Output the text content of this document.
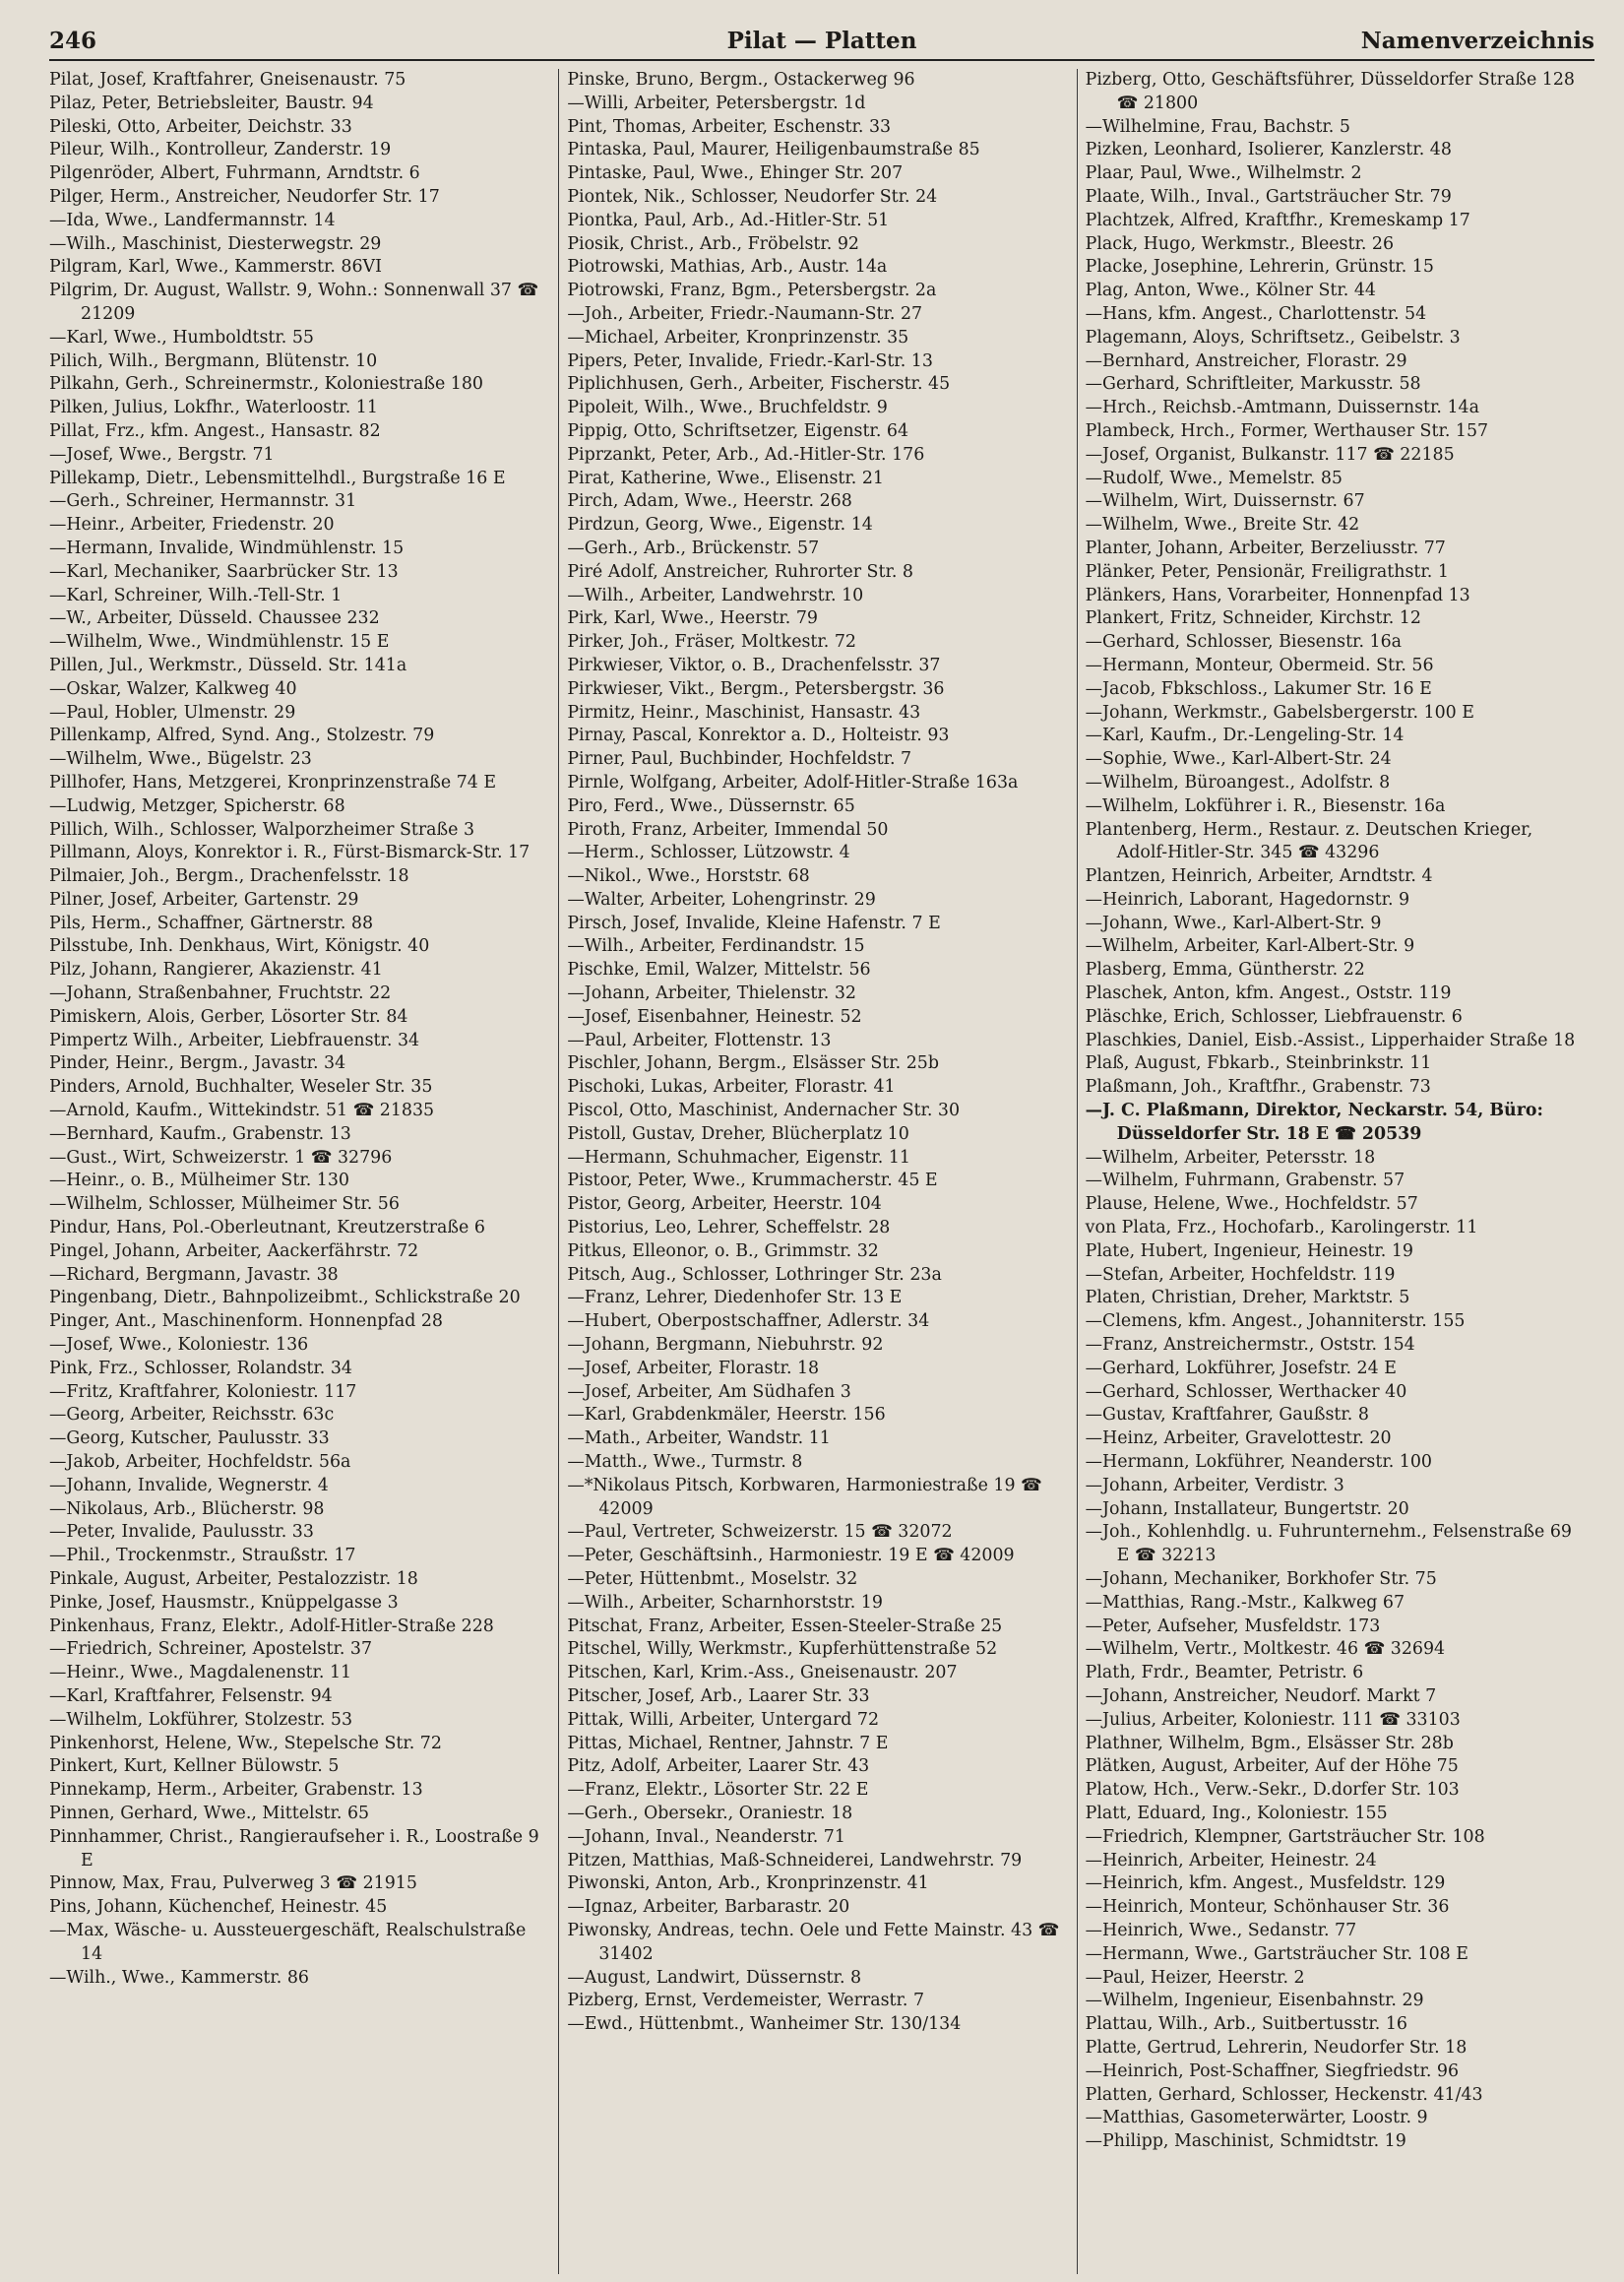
246	Pilat — Platten	Namenverzeichnis
Pilat, Josef, Kraftfahrer, Gneisenaustr. 75
Pilaz, Peter, Betriebsleiter, Baustr. 94
Pileski, Otto, Arbeiter, Deichstr. 33
Pileur, Wilh., Kontrolleur, Zanderstr. 19
Pilgenröder, Albert, Fuhrmann, Arndtstr. 6
Pilger, Herm., Anstreicher, Neudorfer Str. 17
—Ida, Wwe., Landfermannstr. 14
—Wilh., Maschinist, Diesterwegstr. 29
Pilgram, Karl, Wwe., Kammerstr. 86VI
Pilgrim, Dr. August, Wallstr. 9, Wohn.: Sonnenwall 37 ☎ 21209
—Karl, Wwe., Humboldtstr. 55
Pilich, Wilh., Bergmann, Blütenstr. 10
Pilkahn, Gerh., Schreinermstr., Koloniestraße 180
Pilken, Julius, Lokfhr., Waterloostr. 11
Pillat, Frz., kfm. Angest., Hansastr. 82
—Josef, Wwe., Bergstr. 71
Pillekamp, Dietr., Lebensmittelhdl., Burgstraße 16 E
—Gerh., Schreiner, Hermannstr. 31
—Heinr., Arbeiter, Friedenstr. 20
—Hermann, Invalide, Windmühlenstr. 15
—Karl, Mechaniker, Saarbrücker Str. 13
—Karl, Schreiner, Wilh.-Tell-Str. 1
—W., Arbeiter, Düsseld. Chaussee 232
—Wilhelm, Wwe., Windmühlenstr. 15 E
Pillen, Jul., Werkmstr., Düsseld. Str. 141a
—Oskar, Walzer, Kalkweg 40
—Paul, Hobler, Ulmenstr. 29
Pillenkamp, Alfred, Synd. Ang., Stolzestr. 79
—Wilhelm, Wwe., Bügelstr. 23
Pillhofer, Hans, Metzgerei, Kronprinzenstraße 74 E
—Ludwig, Metzger, Spicherstr. 68
Pillich, Wilh., Schlosser, Walporzheimer Straße 3
Pillmann, Aloys, Konrektor i. R., Fürst-Bismarck-Str. 17
Pilmaier, Joh., Bergm., Drachenfelsstr. 18
Pilner, Josef, Arbeiter, Gartenstr. 29
Pils, Herm., Schaffner, Gärtnerstr. 88
Pilsstube, Inh. Denkhaus, Wirt, Königstr. 40
Pilz, Johann, Rangierer, Akazienstr. 41
—Johann, Straßenbahner, Fruchtstr. 22
Pimiskern, Alois, Gerber, Lösorter Str. 84
Pimpertz Wilh., Arbeiter, Liebfrauenstr. 34
Pinder, Heinr., Bergm., Javastr. 34
Pinders, Arnold, Buchhalter, Weseler Str. 35
—Arnold, Kaufm., Wittekindstr. 51 ☎ 21835
—Bernhard, Kaufm., Grabenstr. 13
—Gust., Wirt, Schweizerstr. 1 ☎ 32796
—Heinr., o. B., Mülheimer Str. 130
—Wilhelm, Schlosser, Mülheimer Str. 56
Pindur, Hans, Pol.-Oberleutnant, Kreutzerstraße 6
Pingel, Johann, Arbeiter, Aackerfährstr. 72
—Richard, Bergmann, Javastr. 38
Pingenbang, Dietr., Bahnpolizeibmt., Schlickstraße 20
Pinger, Ant., Maschinenform. Honnenpfad 28
—Josef, Wwe., Koloniestr. 136
Pink, Frz., Schlosser, Rolandstr. 34
—Fritz, Kraftfahrer, Koloniestr. 117
—Georg, Arbeiter, Reichsstr. 63c
—Georg, Kutscher, Paulusstr. 33
—Jakob, Arbeiter, Hochfeldstr. 56a
—Johann, Invalide, Wegnerstr. 4
—Nikolaus, Arb., Blücherstr. 98
—Peter, Invalide, Paulusstr. 33
—Phil., Trockenmstr., Straußstr. 17
Pinkale, August, Arbeiter, Pestalozzistr. 18
Pinke, Josef, Hausmstr., Knüppelgasse 3
Pinkenhaus, Franz, Elektr., Adolf-Hitler-Straße 228
—Friedrich, Schreiner, Apostelstr. 37
—Heinr., Wwe., Magdalenenstr. 11
—Karl, Kraftfahrer, Felsenstr. 94
—Wilhelm, Lokführer, Stolzestr. 53
Pinkenhorst, Helene, Ww., Stepelsche Str. 72
Pinkert, Kurt, Kellner Bülowstr. 5
Pinnekamp, Herm., Arbeiter, Grabenstr. 13
Pinnen, Gerhard, Wwe., Mittelstr. 65
Pinnhammer, Christ., Rangieraufseher i. R., Loostraße 9 E
Pinnow, Max, Frau, Pulverweg 3 ☎ 21915
Pins, Johann, Küchenchef, Heinestr. 45
—Max, Wäsche- u. Aussteuergeschäft, Realschulstraße 14
—Wilh., Wwe., Kammerstr. 86
Pinske, Bruno, Bergm., Ostackerweg 96
—Willi, Arbeiter, Petersbergstr. 1d
Pint, Thomas, Arbeiter, Eschenstr. 33
Pintaska, Paul, Maurer, Heiligenbaumstraße 85
Pintaske, Paul, Wwe., Ehinger Str. 207
Piontek, Nik., Schlosser, Neudorfer Str. 24
Piontka, Paul, Arb., Ad.-Hitler-Str. 51
Piosik, Christ., Arb., Fröbelstr. 92
Piotrowski, Mathias, Arb., Austr. 14a
Piotrowski, Franz, Bgm., Petersbergstr. 2a
—Joh., Arbeiter, Friedr.-Naumann-Str. 27
—Michael, Arbeiter, Kronprinzenstr. 35
Pipers, Peter, Invalide, Friedr.-Karl-Str. 13
Piplichhusen, Gerh., Arbeiter, Fischerstr. 45
Pipoleit, Wilh., Wwe., Bruchfeldstr. 9
Pippig, Otto, Schriftsetzer, Eigenstr. 64
Piprzankt, Peter, Arb., Ad.-Hitler-Str. 176
Pirat, Katherine, Wwe., Elisenstr. 21
Pirch, Adam, Wwe., Heerstr. 268
Pirdzun, Georg, Wwe., Eigenstr. 14
—Gerh., Arb., Brückenstr. 57
Piré Adolf, Anstreicher, Ruhrorter Str. 8
—Wilh., Arbeiter, Landwehrstr. 10
Pirk, Karl, Wwe., Heerstr. 79
Pirker, Joh., Fräser, Moltkestr. 72
Pirkwieser, Viktor, o. B., Drachenfelsstr. 37
Pirkwieser, Vikt., Bergm., Petersbergstr. 36
Pirmitz, Heinr., Maschinist, Hansastr. 43
Pirnay, Pascal, Konrektor a. D., Holteistr. 93
Pirner, Paul, Buchbinder, Hochfeldstr. 7
Pirnle, Wolfgang, Arbeiter, Adolf-Hitler-Straße 163a
Piro, Ferd., Wwe., Düssernstr. 65
Piroth, Franz, Arbeiter, Immendal 50
—Herm., Schlosser, Lützowstr. 4
—Nikol., Wwe., Horststr. 68
—Walter, Arbeiter, Lohengrinstr. 29
Pirsch, Josef, Invalide, Kleine Hafenstr. 7 E
—Wilh., Arbeiter, Ferdinandstr. 15
Pischke, Emil, Walzer, Mittelstr. 56
—Johann, Arbeiter, Thielenstr. 32
—Josef, Eisenbahner, Heinestr. 52
—Paul, Arbeiter, Flottenstr. 13
Pischler, Johann, Bergm., Elsässer Str. 25b
Pischoki, Lukas, Arbeiter, Florastr. 41
Piscol, Otto, Maschinist, Andernacher Str. 30
Pistoll, Gustav, Dreher, Blücherplatz 10
—Hermann, Schuhmacher, Eigenstr. 11
Pistoor, Peter, Wwe., Krummacherstr. 45 E
Pistor, Georg, Arbeiter, Heerstr. 104
Pistorius, Leo, Lehrer, Scheffelstr. 28
Pitkus, Elleonor, o. B., Grimmstr. 32
Pitsch, Aug., Schlosser, Lothringer Str. 23a
—Franz, Lehrer, Diedenhofer Str. 13 E
—Hubert, Oberpostschaffner, Adlerstr. 34
—Johann, Bergmann, Niebuhrstr. 92
—Josef, Arbeiter, Florastr. 18
—Josef, Arbeiter, Am Südhafen 3
—Karl, Grabdenkmäler, Heerstr. 156
—Math., Arbeiter, Wandstr. 11
—Matth., Wwe., Turmstr. 8
—*Nikolaus Pitsch, Korbwaren, Harmoniestraße 19 ☎ 42009
—Paul, Vertreter, Schweizerstr. 15 ☎ 32072
—Peter, Geschäftsinh., Harmoniestr. 19 E ☎ 42009
—Peter, Hüttenbmt., Moselstr. 32
—Wilh., Arbeiter, Scharnhorststr. 19
Pitschat, Franz, Arbeiter, Essen-Steeler-Straße 25
Pitschel, Willy, Werkmstr., Kupferhüttenstraße 52
Pitschen, Karl, Krim.-Ass., Gneisenaustr. 207
Pitscher, Josef, Arb., Laarer Str. 33
Pittak, Willi, Arbeiter, Untergard 72
Pittas, Michael, Rentner, Jahnstr. 7 E
Pitz, Adolf, Arbeiter, Laarer Str. 43
—Franz, Elektr., Lösorter Str. 22 E
—Gerh., Obersekr., Oraniestr. 18
—Johann, Inval., Neanderstr. 71
Pitzen, Matthias, Maß-Schneiderei, Landwehrstr. 79
Piwonski, Anton, Arb., Kronprinzenstr. 41
—Ignaz, Arbeiter, Barbarastr. 20
Piwonsky, Andreas, techn. Oele und Fette Mainstr. 43 ☎ 31402
—August, Landwirt, Düssernstr. 8
Pizberg, Ernst, Verdemeister, Werrastr. 7
—Ewd., Hüttenbmt., Wanheimer Str. 130/134
Pizberg, Otto, Geschäftsführer, Düsseldorfer Straße 128 ☎ 21800
—Wilhelmine, Frau, Bachstr. 5
Pizken, Leonhard, Isolierer, Kanzlerstr. 48
Plaar, Paul, Wwe., Wilhelmstr. 2
Plaate, Wilh., Inval., Gartsträucher Str. 79
Plachtzek, Alfred, Kraftfhr., Kremeskamp 17
Plack, Hugo, Werkmstr., Bleestr. 26
Placke, Josephine, Lehrerin, Grünstr. 15
Plag, Anton, Wwe., Kölner Str. 44
—Hans, kfm. Angest., Charlottenstr. 54
Plagemann, Aloys, Schriftsetz., Geibelstr. 3
—Bernhard, Anstreicher, Florastr. 29
—Gerhard, Schriftleiter, Markusstr. 58
—Hrch., Reichsb.-Amtmann, Duissernstr. 14a
Plambeck, Hrch., Former, Werthauser Str. 157
—Josef, Organist, Bulkanstr. 117 ☎ 22185
—Rudolf, Wwe., Memelstr. 85
—Wilhelm, Wirt, Duissernstr. 67
—Wilhelm, Wwe., Breite Str. 42
Planter, Johann, Arbeiter, Berzeliusstr. 77
Plänker, Peter, Pensionär, Freiligrathstr. 1
Plänkers, Hans, Vorarbeiter, Honnenpfad 13
Plankert, Fritz, Schneider, Kirchstr. 12
—Gerhard, Schlosser, Biesenstr. 16a
—Hermann, Monteur, Obermeid. Str. 56
—Jacob, Fbkschloss., Lakumer Str. 16 E
—Johann, Werkmstr., Gabelsbergerstr. 100 E
—Karl, Kaufm., Dr.-Lengeling-Str. 14
—Sophie, Wwe., Karl-Albert-Str. 24
—Wilhelm, Büroangest., Adolfstr. 8
—Wilhelm, Lokführer i. R., Biesenstr. 16a
Plantenberg, Herm., Restaur. z. Deutschen Krieger, Adolf-Hitler-Str. 345 ☎ 43296
Plantzen, Heinrich, Arbeiter, Arndtstr. 4
—Heinrich, Laborant, Hagedornstr. 9
—Johann, Wwe., Karl-Albert-Str. 9
—Wilhelm, Arbeiter, Karl-Albert-Str. 9
Plasberg, Emma, Güntherstr. 22
Plaschek, Anton, kfm. Angest., Oststr. 119
Pläschke, Erich, Schlosser, Liebfrauenstr. 6
Plaschkies, Daniel, Eisb.-Assist., Lipperhaider Straße 18
Plaß, August, Fbkarb., Steinbrinkstr. 11
Plaßmann, Joh., Kraftfhr., Grabenstr. 73
—J. C. Plaßmann, Direktor, Neckarstr. 54, Büro: Düsseldorfer Str. 18 E ☎ 20539
—Wilhelm, Arbeiter, Petersstr. 18
—Wilhelm, Fuhrmann, Grabenstr. 57
Plause, Helene, Wwe., Hochfeldstr. 57
von Plata, Frz., Hochofarb., Karolingerstr. 11
Plate, Hubert, Ingenieur, Heinestr. 19
—Stefan, Arbeiter, Hochfeldstr. 119
Platen, Christian, Dreher, Marktstr. 5
—Clemens, kfm. Angest., Johanniterstr. 155
—Franz, Anstreichermstr., Oststr. 154
—Gerhard, Lokführer, Josefstr. 24 E
—Gerhard, Schlosser, Werthacker 40
—Gustav, Kraftfahrer, Gaußstr. 8
—Heinz, Arbeiter, Gravelottestr. 20
—Hermann, Lokführer, Neanderstr. 100
—Johann, Arbeiter, Verdistr. 3
—Johann, Installateur, Bungertstr. 20
—Joh., Kohlenhdlg. u. Fuhrunternehm., Felsenstraße 69 E ☎ 32213
—Johann, Mechaniker, Borkhofer Str. 75
—Matthias, Rang.-Mstr., Kalkweg 67
—Peter, Aufseher, Musfeldstr. 173
—Wilhelm, Vertr., Moltkestr. 46 ☎ 32694
Plath, Frdr., Beamter, Petristr. 6
—Johann, Anstreicher, Neudorf. Markt 7
—Julius, Arbeiter, Koloniestr. 111 ☎ 33103
Plathner, Wilhelm, Bgm., Elsässer Str. 28b
Plätken, August, Arbeiter, Auf der Höhe 75
Platow, Hch., Verw.-Sekr., D.dorfer Str. 103
Platt, Eduard, Ing., Koloniestr. 155
—Friedrich, Klempner, Gartsträucher Str. 108
—Heinrich, Arbeiter, Heinestr. 24
—Heinrich, kfm. Angest., Musfeldstr. 129
—Heinrich, Monteur, Schönhauser Str. 36
—Heinrich, Wwe., Sedanstr. 77
—Hermann, Wwe., Gartsträucher Str. 108 E
—Paul, Heizer, Heerstr. 2
—Wilhelm, Ingenieur, Eisenbahnstr. 29
Plattau, Wilh., Arb., Suitbertusstr. 16
Platte, Gertrud, Lehrerin, Neudorfer Str. 18
—Heinrich, Post-Schaffner, Siegfriedstr. 96
Platten, Gerhard, Schlosser, Heckenstr. 41/43
—Matthias, Gasometerwärter, Loostr. 9
—Philipp, Maschinist, Schmidtstr. 19
